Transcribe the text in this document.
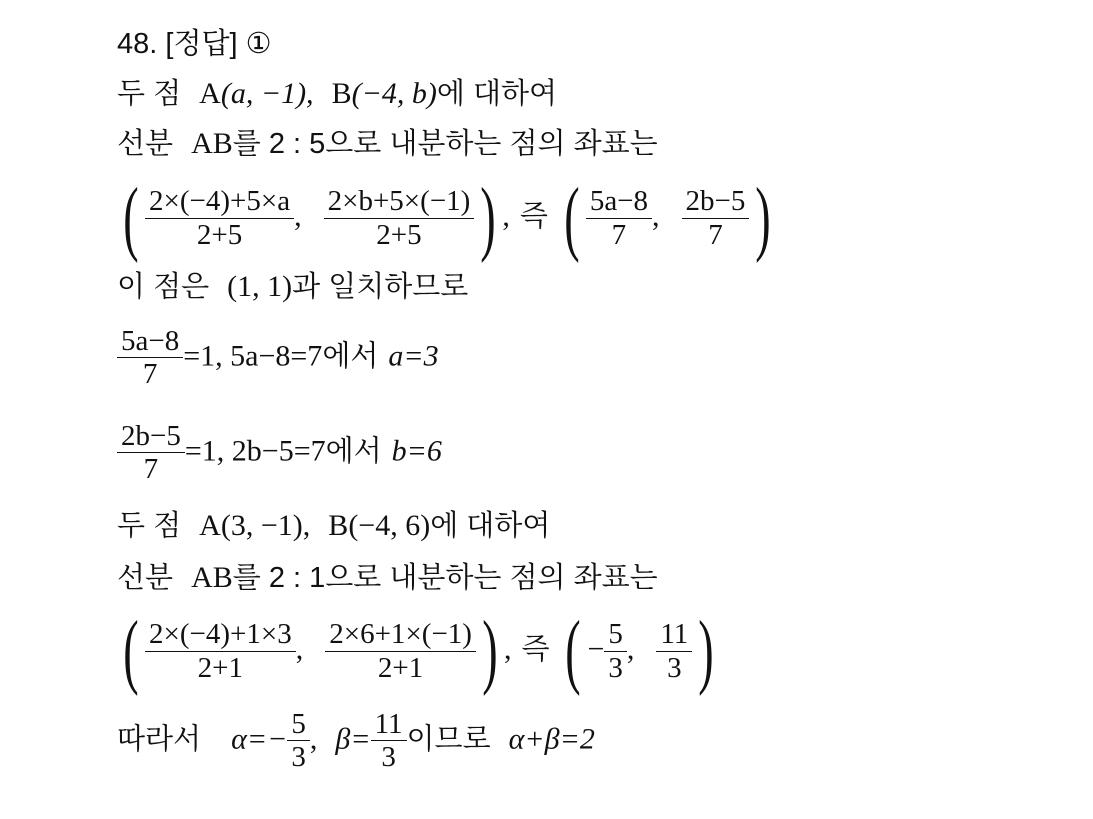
48. [정답] ①
두 점 A(a, −1), B(−4, b)에 대하여
선분 AB를 2 : 5으로 내분하는 점의 좌표는
( $\frac{2\times(-4)+5\times a}{2+5}$ , $\frac{2\times b+5\times(-1)}{2+5}$ ) , 즉 ( $\frac{5a-8}{7}$ , $\frac{2b-5}{7}$ )
이 점은 (1, 1)과 일치하므로
$\frac{5a-8}{7} =1$, 5a−8=7에서 a=3
$\frac{2b-5}{7} =1$, 2b−5=7에서 b=6
두 점 A(3, −1), B(−4, 6)에 대하여
선분 AB를 2 : 1으로 내분하는 점의 좌표는
( $\frac{2\times(-4)+1\times 3}{2+1}$ , $\frac{2\times 6+1\times(-1)}{2+1}$ ) , 즉 ( − $\frac{5}{3}$ , $\frac{11}{3}$ )
따라서 $\alpha=- \frac{5}{3}$ , $\beta= \frac{11}{3}$ 이므로 α+β=2
